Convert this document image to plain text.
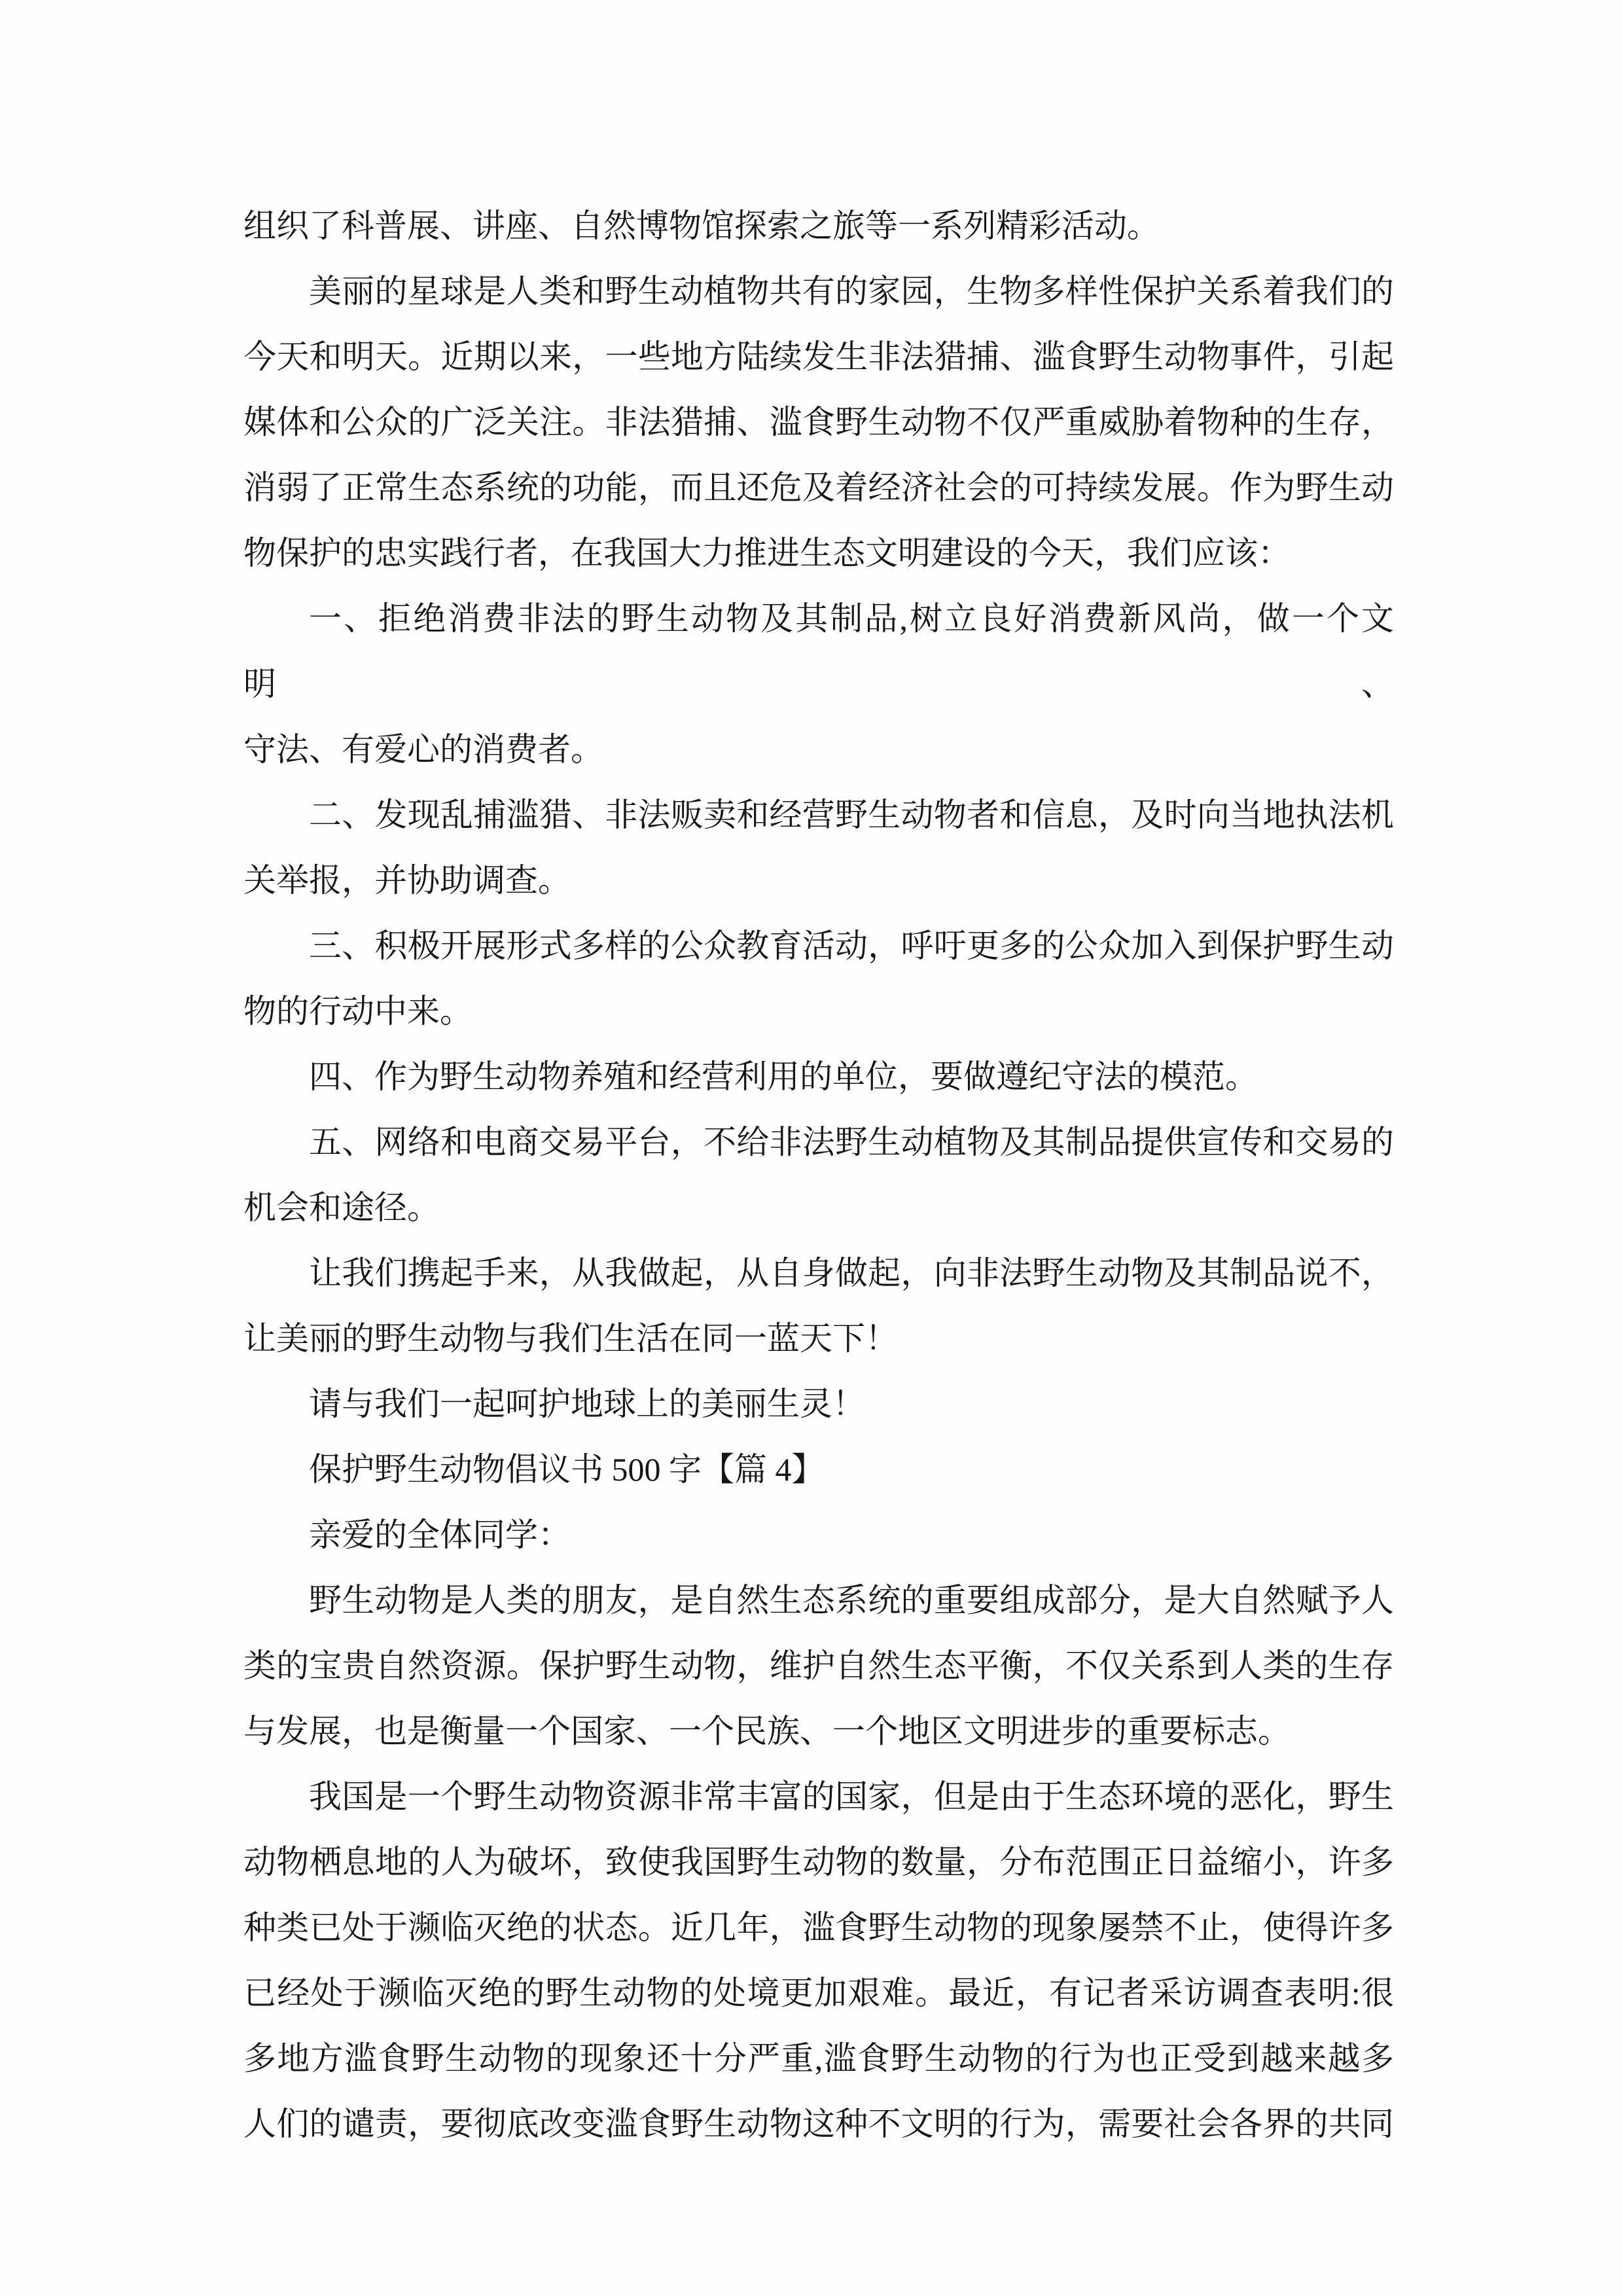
组织了科普展、讲座、自然博物馆探索之旅等一系列精彩活动。
美丽的星球是人类和野生动植物共有的家园，生物多样性保护关系着我们的
今天和明天。近期以来，一些地方陆续发生非法猎捕、滥食野生动物事件，引起
媒体和公众的广泛关注。非法猎捕、滥食野生动物不仅严重威胁着物种的生存，
消弱了正常生态系统的功能，而且还危及着经济社会的可持续发展。作为野生动
物保护的忠实践行者，在我国大力推进生态文明建设的今天，我们应该：
一、拒绝消费非法的野生动物及其制品,树立良好消费新风尚，做一个文明、
守法、有爱心的消费者。
二、发现乱捕滥猎、非法贩卖和经营野生动物者和信息，及时向当地执法机
关举报，并协助调查。
三、积极开展形式多样的公众教育活动，呼吁更多的公众加入到保护野生动
物的行动中来。
四、作为野生动物养殖和经营利用的单位，要做遵纪守法的模范。
五、网络和电商交易平台，不给非法野生动植物及其制品提供宣传和交易的
机会和途径。
让我们携起手来，从我做起，从自身做起，向非法野生动物及其制品说不，
让美丽的野生动物与我们生活在同一蓝天下！
请与我们一起呵护地球上的美丽生灵！
保护野生动物倡议书 500 字【篇 4】
亲爱的全体同学：
野生动物是人类的朋友，是自然生态系统的重要组成部分，是大自然赋予人
类的宝贵自然资源。保护野生动物，维护自然生态平衡，不仅关系到人类的生存
与发展，也是衡量一个国家、一个民族、一个地区文明进步的重要标志。
我国是一个野生动物资源非常丰富的国家，但是由于生态环境的恶化，野生
动物栖息地的人为破坏，致使我国野生动物的数量，分布范围正日益缩小，许多
种类已处于濒临灭绝的状态。近几年，滥食野生动物的现象屡禁不止，使得许多
已经处于濒临灭绝的野生动物的处境更加艰难。最近，有记者采访调查表明:很
多地方滥食野生动物的现象还十分严重,滥食野生动物的行为也正受到越来越多
人们的谴责，要彻底改变滥食野生动物这种不文明的行为，需要社会各界的共同
